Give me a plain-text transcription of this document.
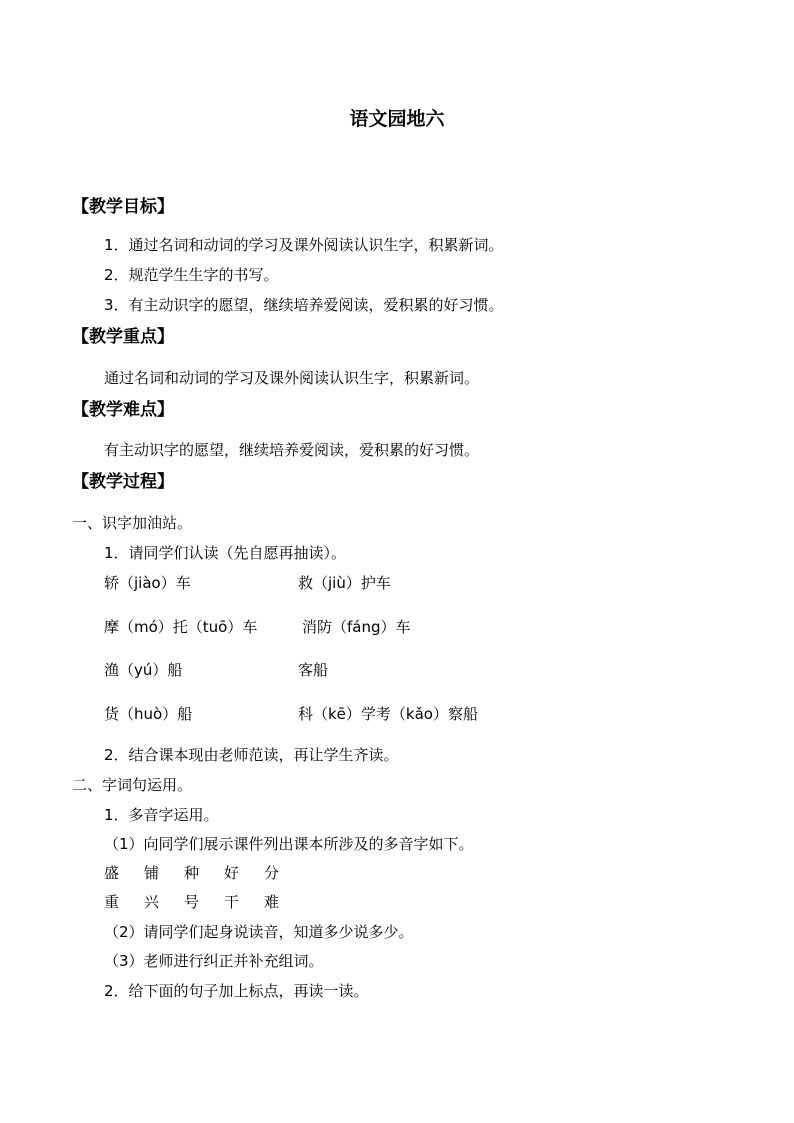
语文园地六
【教学目标】
1．通过名词和动词的学习及课外阅读认识生字，积累新词。
2．规范学生生字的书写。
3．有主动识字的愿望，继续培养爱阅读，爱积累的好习惯。
【教学重点】
通过名词和动词的学习及课外阅读认识生字，积累新词。
【教学难点】
有主动识字的愿望，继续培养爱阅读，爱积累的好习惯。
【教学过程】
一、识字加油站。
1．请同学们认读（先自愿再抽读）。
轿（jiào）车	救（jiù）护车
摩（mó）托（tuō）车	消防（fáng）车
渔（yú）船	客船
货（huò）船	科（kē）学考（kǎo）察船
2．结合课本现由老师范读，再让学生齐读。
二、字词句运用。
1．多音字运用。
（1）向同学们展示课件列出课本所涉及的多音字如下。
盛 铺 种 好 分
重 兴 号 干 难
（2）请同学们起身说读音，知道多少说多少。
（3）老师进行纠正并补充组词。
2．给下面的句子加上标点，再读一读。
